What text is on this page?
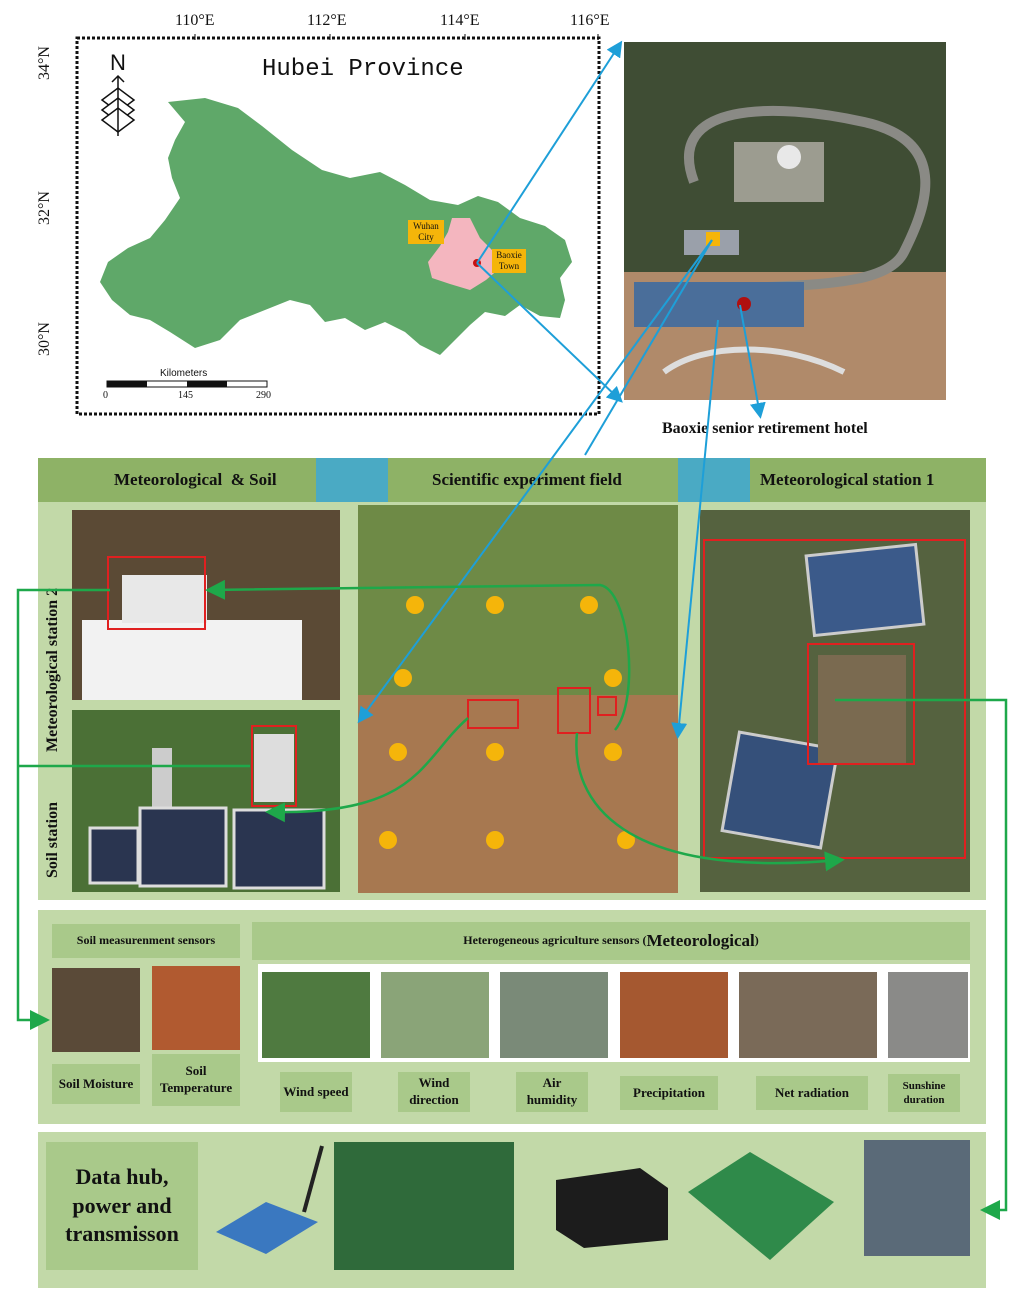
Hubei Province
110°E	112°E	114°E	116°E
34°N
32°N
30°N
N
Wuhan City
Baoxie Town
Kilometers
0	145	290
Baoxie senior retirement hotel
Meteorological  & Soil	Scientific experiment field	Meteorological station 1
Meteorological station 2
Soil station
Soil measurenment sensors	Heterogeneous agriculture sensors ( Meteorological )
Soil Moisture
Soil Temperature	Wind speed
Wind direction
Air humidity	Precipitation	Net radiation	Sunshine duration
Data hub, power and transmisson
